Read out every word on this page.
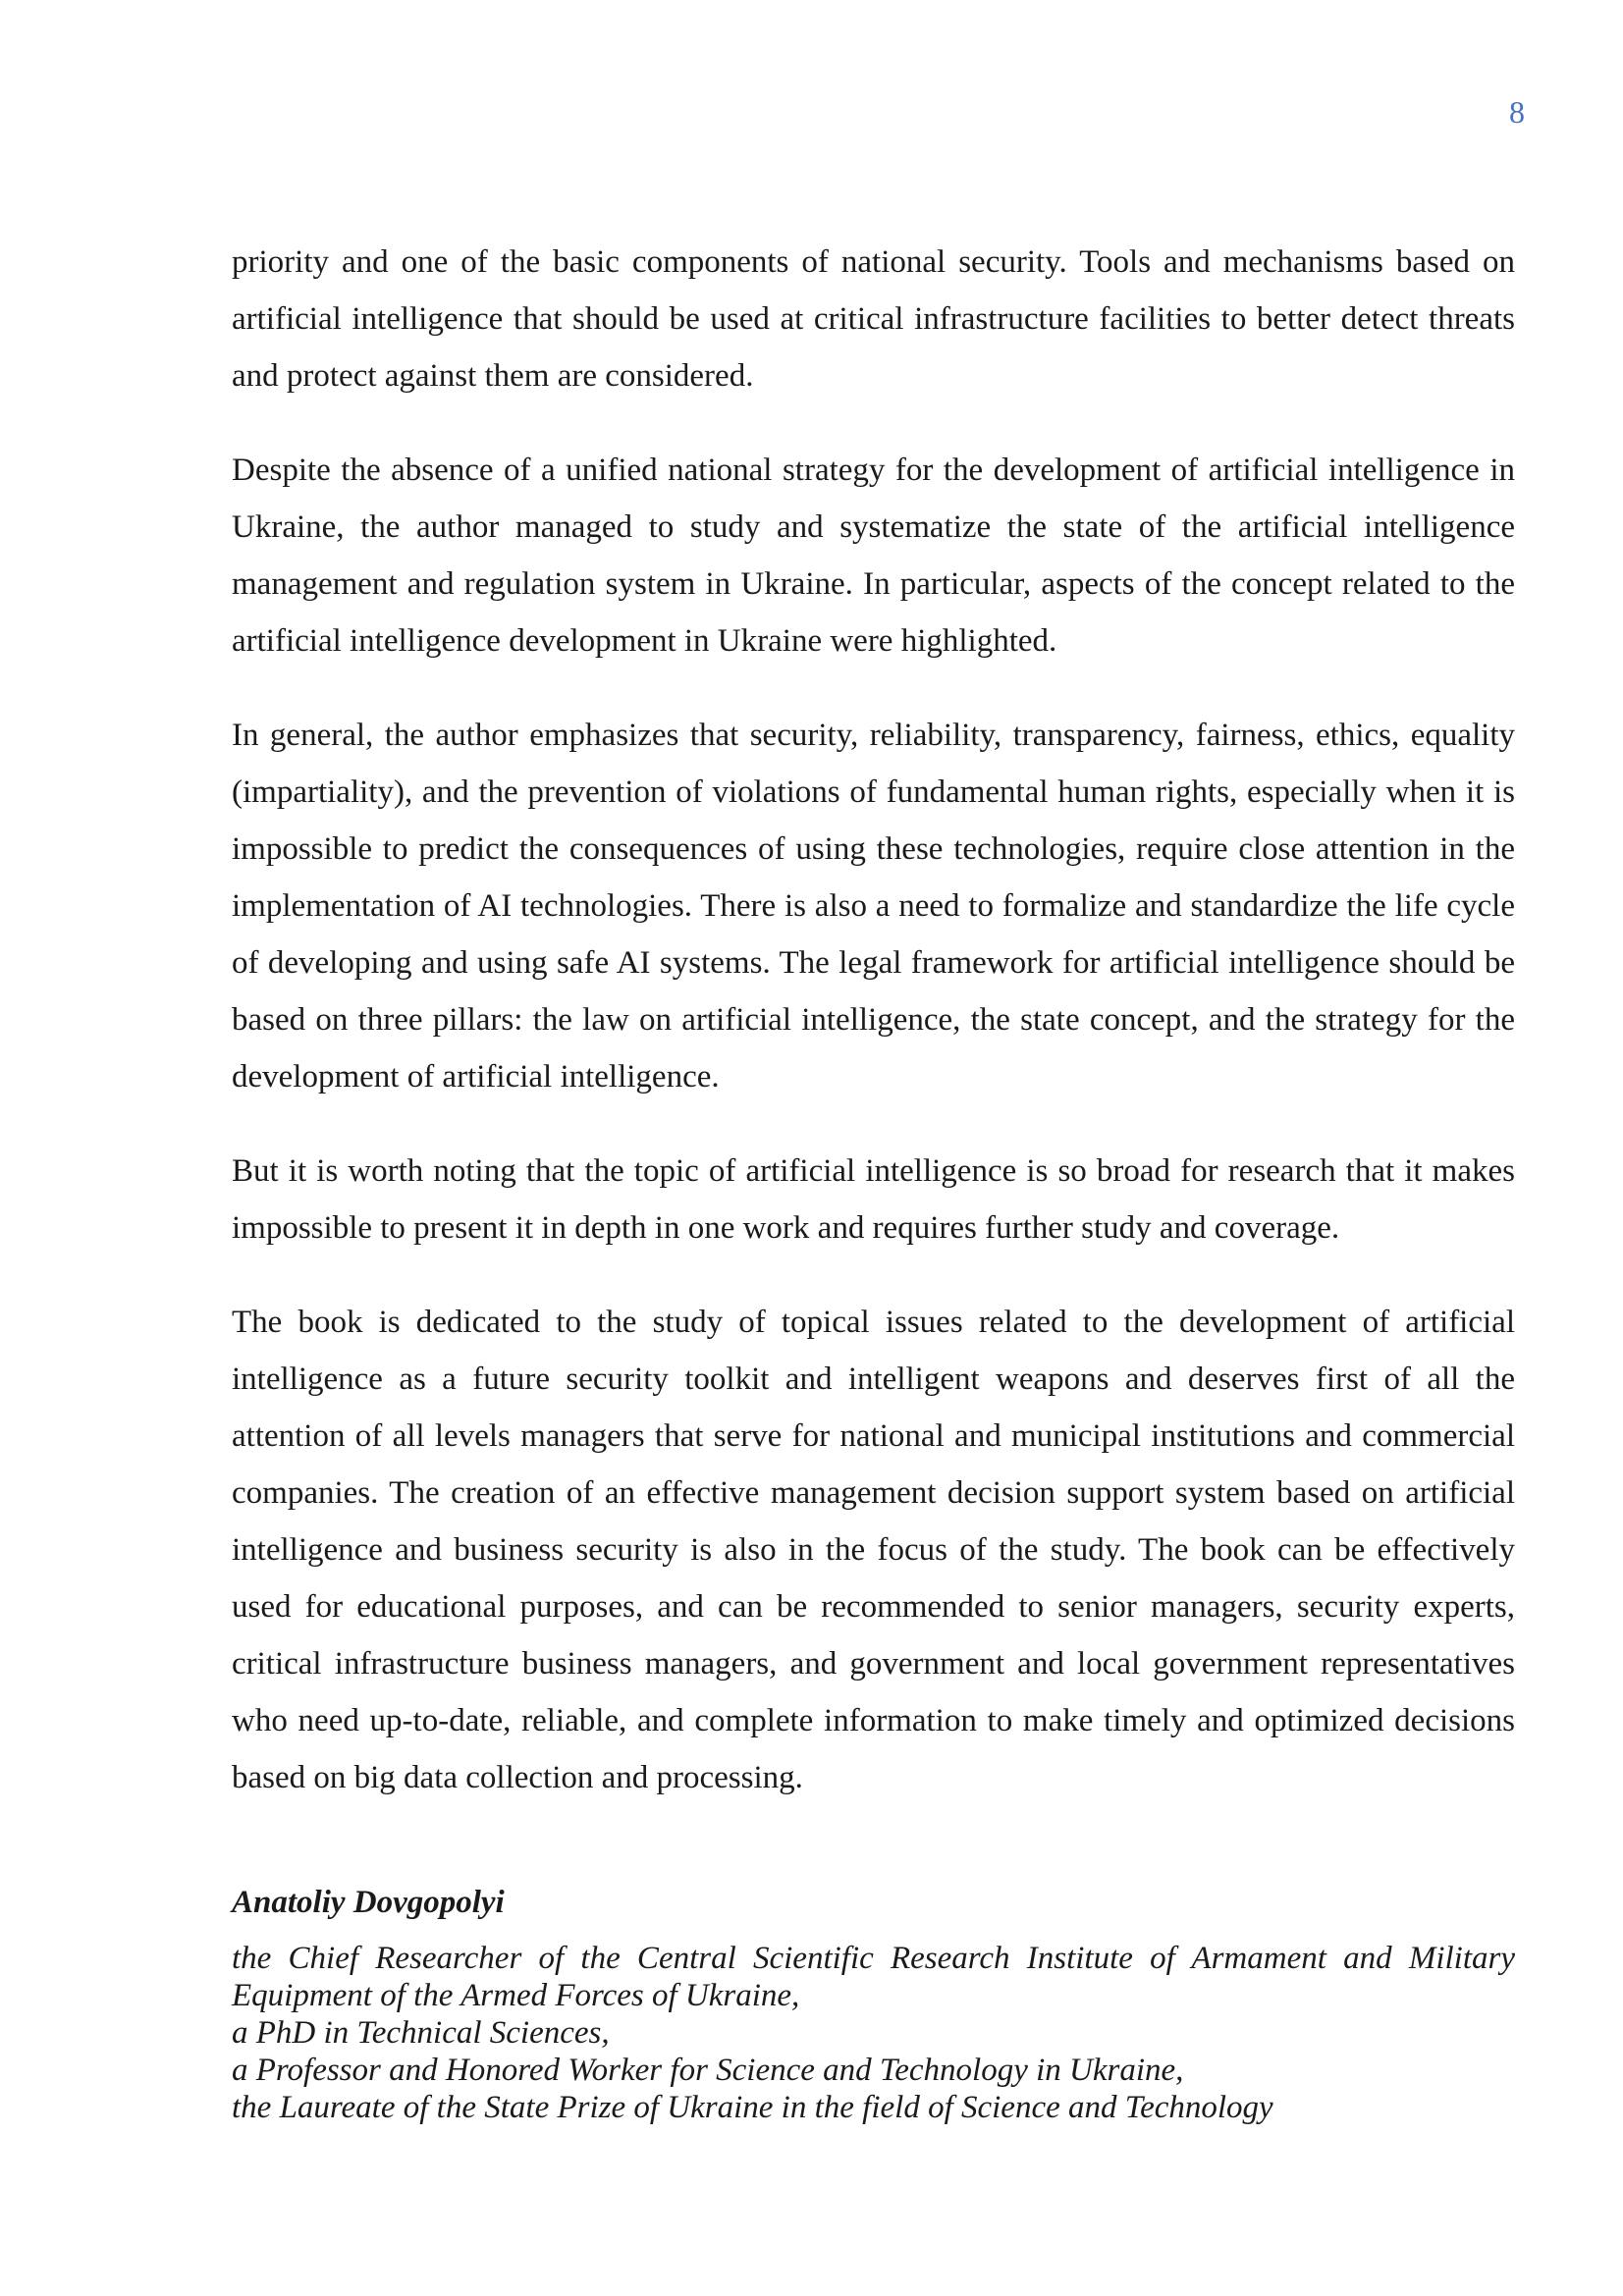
8

priority and one of the basic components of national security. Tools and mechanisms based on artificial intelligence that should be used at critical infrastructure facilities to better detect threats and protect against them are considered.

Despite the absence of a unified national strategy for the development of artificial intelligence in Ukraine, the author managed to study and systematize the state of the artificial intelligence management and regulation system in Ukraine. In particular, aspects of the concept related to the artificial intelligence development in Ukraine were highlighted.

In general, the author emphasizes that security, reliability, transparency, fairness, ethics, equality (impartiality), and the prevention of violations of fundamental human rights, especially when it is impossible to predict the consequences of using these technologies, require close attention in the implementation of AI technologies. There is also a need to formalize and standardize the life cycle of developing and using safe AI systems. The legal framework for artificial intelligence should be based on three pillars: the law on artificial intelligence, the state concept, and the strategy for the development of artificial intelligence.

But it is worth noting that the topic of artificial intelligence is so broad for research that it makes impossible to present it in depth in one work and requires further study and coverage.

The book is dedicated to the study of topical issues related to the development of artificial intelligence as a future security toolkit and intelligent weapons and deserves first of all the attention of all levels managers that serve for national and municipal institutions and commercial companies. The creation of an effective management decision support system based on artificial intelligence and business security is also in the focus of the study. The book can be effectively used for educational purposes, and can be recommended to senior managers, security experts, critical infrastructure business managers, and government and local government representatives who need up-to-date, reliable, and complete information to make timely and optimized decisions based on big data collection and processing.

Anatoliy Dovgopolyi
the Chief Researcher of the Central Scientific Research Institute of Armament and Military
Equipment of the Armed Forces of Ukraine,
a PhD in Technical Sciences,
a Professor and Honored Worker for Science and Technology in Ukraine,
the Laureate of the State Prize of Ukraine in the field of Science and Technology
